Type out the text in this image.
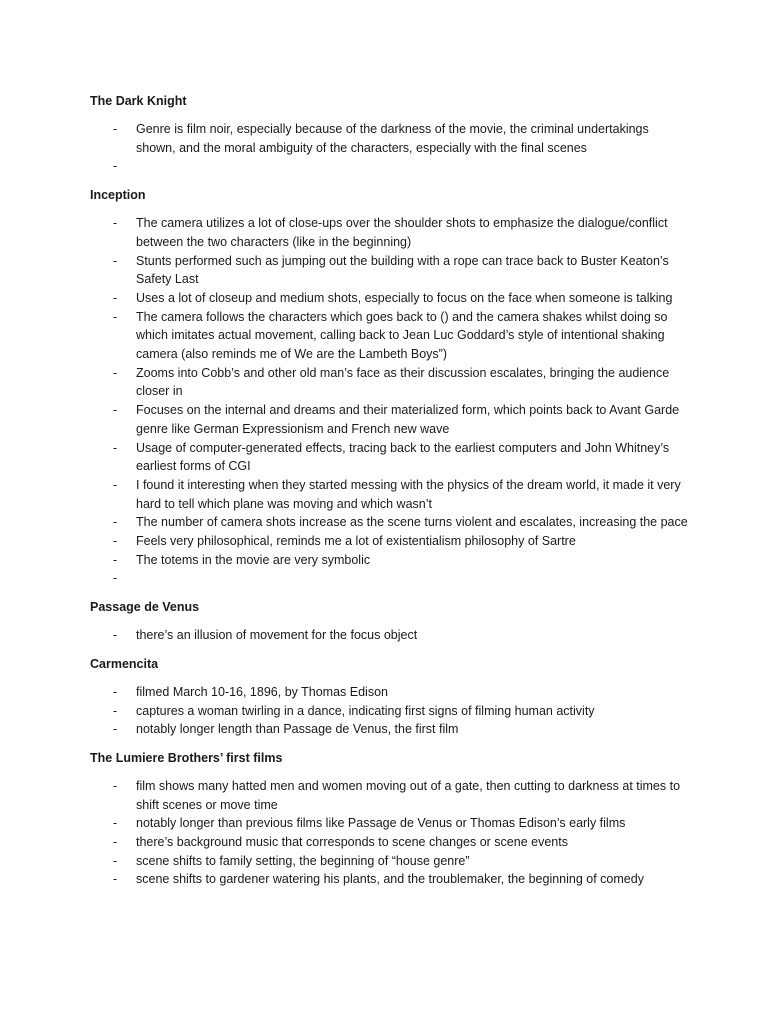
The Dark Knight
- Genre is film noir, especially because of the darkness of the movie, the criminal undertakings shown, and the moral ambiguity of the characters, especially with the final scenes
-
Inception
- The camera utilizes a lot of close-ups over the shoulder shots to emphasize the dialogue/conflict between the two characters (like in the beginning)
- Stunts performed such as jumping out the building with a rope can trace back to Buster Keaton’s Safety Last
- Uses a lot of closeup and medium shots, especially to focus on the face when someone is talking
- The camera follows the characters which goes back to () and the camera shakes whilst doing so which imitates actual movement, calling back to Jean Luc Goddard’s style of intentional shaking camera (also reminds me of We are the Lambeth Boys”)
- Zooms into Cobb’s and other old man’s face as their discussion escalates, bringing the audience closer in
- Focuses on the internal and dreams and their materialized form, which points back to Avant Garde genre like German Expressionism and French new wave
- Usage of computer-generated effects, tracing back to the earliest computers and John Whitney’s earliest forms of CGI
- I found it interesting when they started messing with the physics of the dream world, it made it very hard to tell which plane was moving and which wasn’t
- The number of camera shots increase as the scene turns violent and escalates, increasing the pace
- Feels very philosophical, reminds me a lot of existentialism philosophy of Sartre
- The totems in the movie are very symbolic
-
Passage de Venus
- there’s an illusion of movement for the focus object
Carmencita
- filmed March 10-16, 1896, by Thomas Edison
- captures a woman twirling in a dance, indicating first signs of filming human activity
- notably longer length than Passage de Venus, the first film
The Lumiere Brothers’ first films
- film shows many hatted men and women moving out of a gate, then cutting to darkness at times to shift scenes or move time
- notably longer than previous films like Passage de Venus or Thomas Edison’s early films
- there’s background music that corresponds to scene changes or scene events
- scene shifts to family setting, the beginning of “house genre”
- scene shifts to gardener watering his plants, and the troublemaker, the beginning of comedy
